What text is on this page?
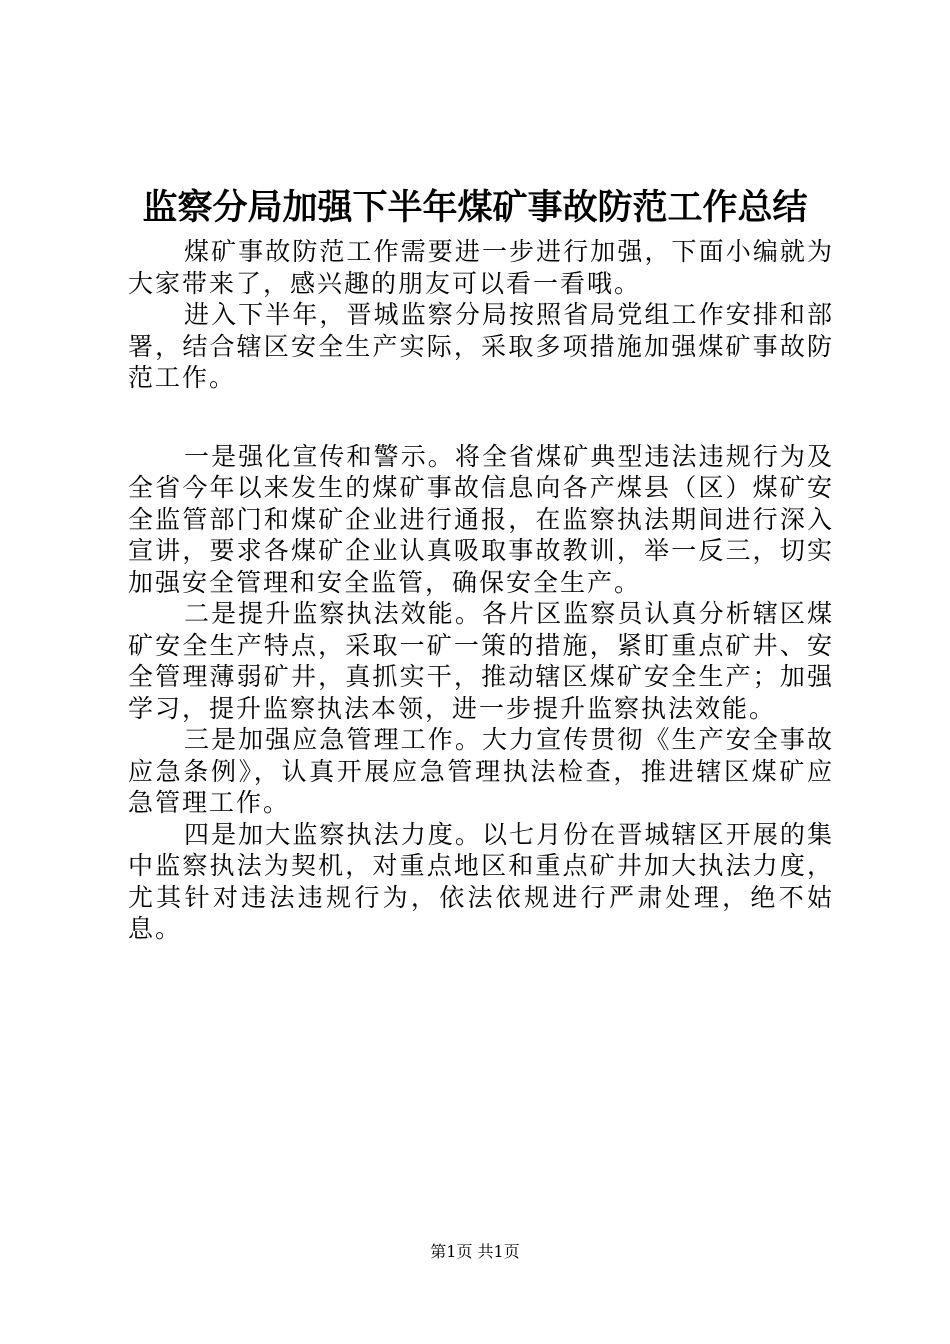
监察分局加强下半年煤矿事故防范工作总结

煤矿事故防范工作需要进一步进行加强，下面小编就为大家带来了，感兴趣的朋友可以看一看哦。

进入下半年，晋城监察分局按照省局党组工作安排和部署，结合辖区安全生产实际，采取多项措施加强煤矿事故防范工作。

一是强化宣传和警示。将全省煤矿典型违法违规行为及全省今年以来发生的煤矿事故信息向各产煤县（区）煤矿安全监管部门和煤矿企业进行通报，在监察执法期间进行深入宣讲，要求各煤矿企业认真吸取事故教训，举一反三，切实加强安全管理和安全监管，确保安全生产。

二是提升监察执法效能。各片区监察员认真分析辖区煤矿安全生产特点，采取一矿一策的措施，紧盯重点矿井、安全管理薄弱矿井，真抓实干，推动辖区煤矿安全生产；加强学习，提升监察执法本领，进一步提升监察执法效能。

三是加强应急管理工作。大力宣传贯彻《生产安全事故应急条例》，认真开展应急管理执法检查，推进辖区煤矿应急管理工作。

四是加大监察执法力度。以七月份在晋城辖区开展的集中监察执法为契机，对重点地区和重点矿井加大执法力度，尤其针对违法违规行为，依法依规进行严肃处理，绝不姑息。

第1页 共1页
